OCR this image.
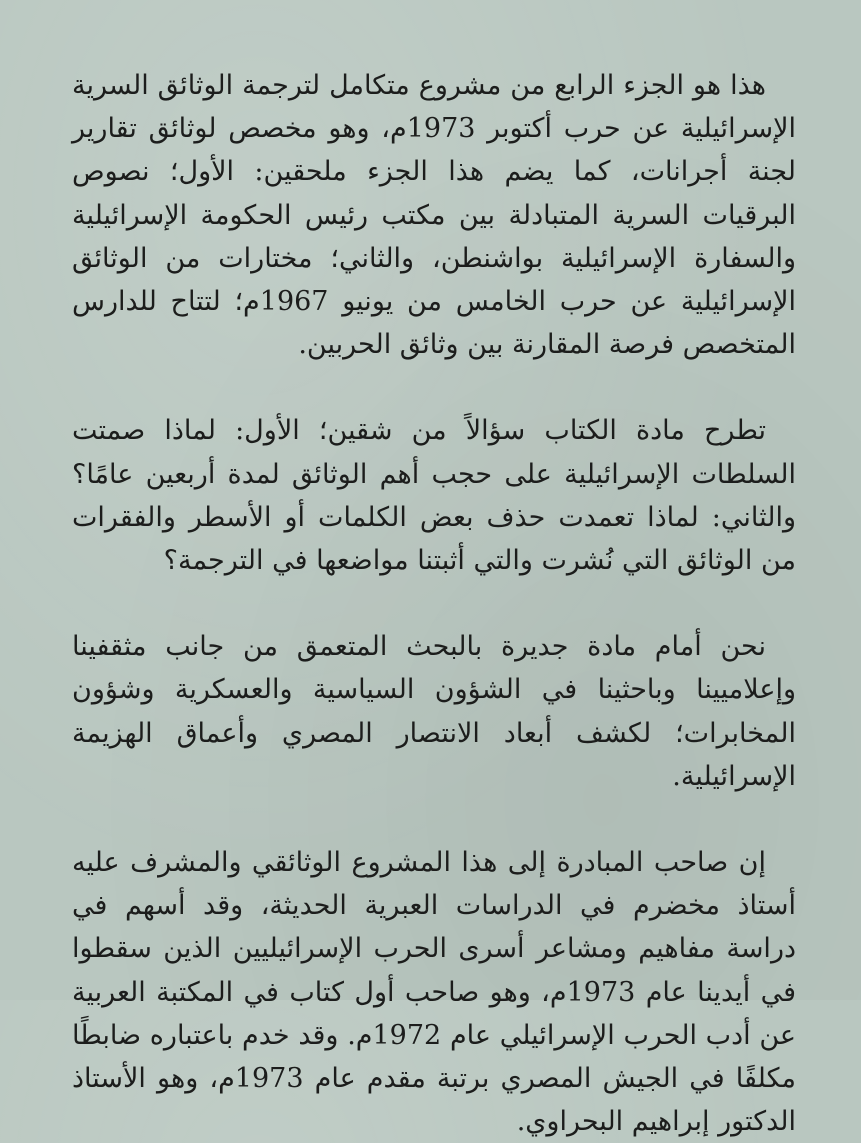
هذا هو الجزء الرابع من مشروع متكامل لترجمة الوثائق السرية الإسرائيلية عن حرب أكتوبر 1973م، وهو مخصص لوثائق تقارير لجنة أجرانات، كما يضم هذا الجزء ملحقين: الأول؛ نصوص البرقيات السرية المتبادلة بين مكتب رئيس الحكومة الإسرائيلية والسفارة الإسرائيلية بواشنطن، والثاني؛ مختارات من الوثائق الإسرائيلية عن حرب الخامس من يونيو 1967م؛ لتتاح للدارس المتخصص فرصة المقارنة بين وثائق الحربين.

تطرح مادة الكتاب سؤالاً من شقين؛ الأول: لماذا صمتت السلطات الإسرائيلية على حجب أهم الوثائق لمدة أربعين عامًا؟ والثاني: لماذا تعمدت حذف بعض الكلمات أو الأسطر والفقرات من الوثائق التي نُشرت والتي أثبتنا مواضعها في الترجمة؟

نحن أمام مادة جديرة بالبحث المتعمق من جانب مثقفينا وإعلاميينا وباحثينا في الشؤون السياسية والعسكرية وشؤون المخابرات؛ لكشف أبعاد الانتصار المصري وأعماق الهزيمة الإسرائيلية.

إن صاحب المبادرة إلى هذا المشروع الوثائقي والمشرف عليه أستاذ مخضرم في الدراسات العبرية الحديثة، وقد أسهم في دراسة مفاهيم ومشاعر أسرى الحرب الإسرائيليين الذين سقطوا في أيدينا عام 1973م، وهو صاحب أول كتاب في المكتبة العربية عن أدب الحرب الإسرائيلي عام 1972م. وقد خدم باعتباره ضابطًا مكلفًا في الجيش المصري برتبة مقدم عام 1973م، وهو الأستاذ الدكتور إبراهيم البحراوي.
